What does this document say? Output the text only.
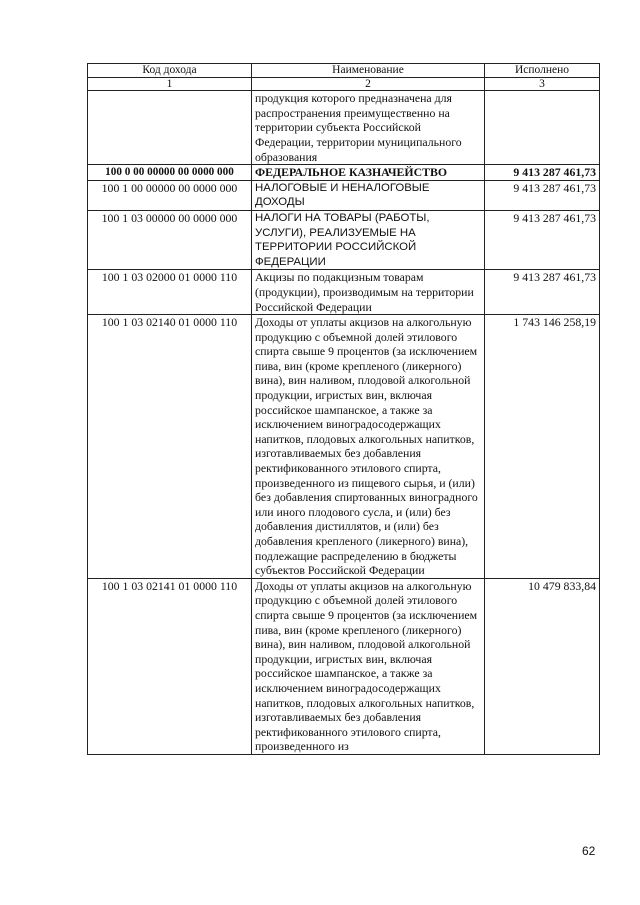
Код дохода	Наименование	Исполнено
1	2	3
	продукция которого предназначена для распространения преимущественно на территории субъекта Российской Федерации, территории муниципального образования	
100 0 00 00000 00 0000 000	ФЕДЕРАЛЬНОЕ КАЗНАЧЕЙСТВО	9 413 287 461,73
100 1 00 00000 00 0000 000	НАЛОГОВЫЕ И НЕНАЛОГОВЫЕ ДОХОДЫ	9 413 287 461,73
100 1 03 00000 00 0000 000	НАЛОГИ НА ТОВАРЫ (РАБОТЫ, УСЛУГИ), РЕАЛИЗУЕМЫЕ НА ТЕРРИТОРИИ РОССИЙСКОЙ ФЕДЕРАЦИИ	9 413 287 461,73
100 1 03 02000 01 0000 110	Акцизы по подакцизным товарам (продукции), производимым на территории Российской Федерации	9 413 287 461,73
100 1 03 02140 01 0000 110	Доходы от уплаты акцизов на алкогольную продукцию с объемной долей этилового спирта свыше 9 процентов (за исключением пива, вин (кроме крепленого (ликерного) вина), вин наливом, плодовой алкогольной продукции, игристых вин, включая российское шампанское, а также за исключением виноградосодержащих напитков, плодовых алкогольных напитков, изготавливаемых без добавления ректификованного этилового спирта, произведенного из пищевого сырья, и (или) без добавления спиртованных виноградного или иного плодового сусла, и (или) без добавления дистиллятов, и (или) без добавления крепленого (ликерного) вина), подлежащие распределению в бюджеты субъектов Российской Федерации	1 743 146 258,19
100 1 03 02141 01 0000 110	Доходы от уплаты акцизов на алкогольную продукцию с объемной долей этилового спирта свыше 9 процентов (за исключением пива, вин (кроме крепленого (ликерного) вина), вин наливом, плодовой алкогольной продукции, игристых вин, включая российское шампанское, а также за исключением виноградосодержащих напитков, плодовых алкогольных напитков, изготавливаемых без добавления ректификованного этилового спирта, произведенного из	10 479 833,84
62
